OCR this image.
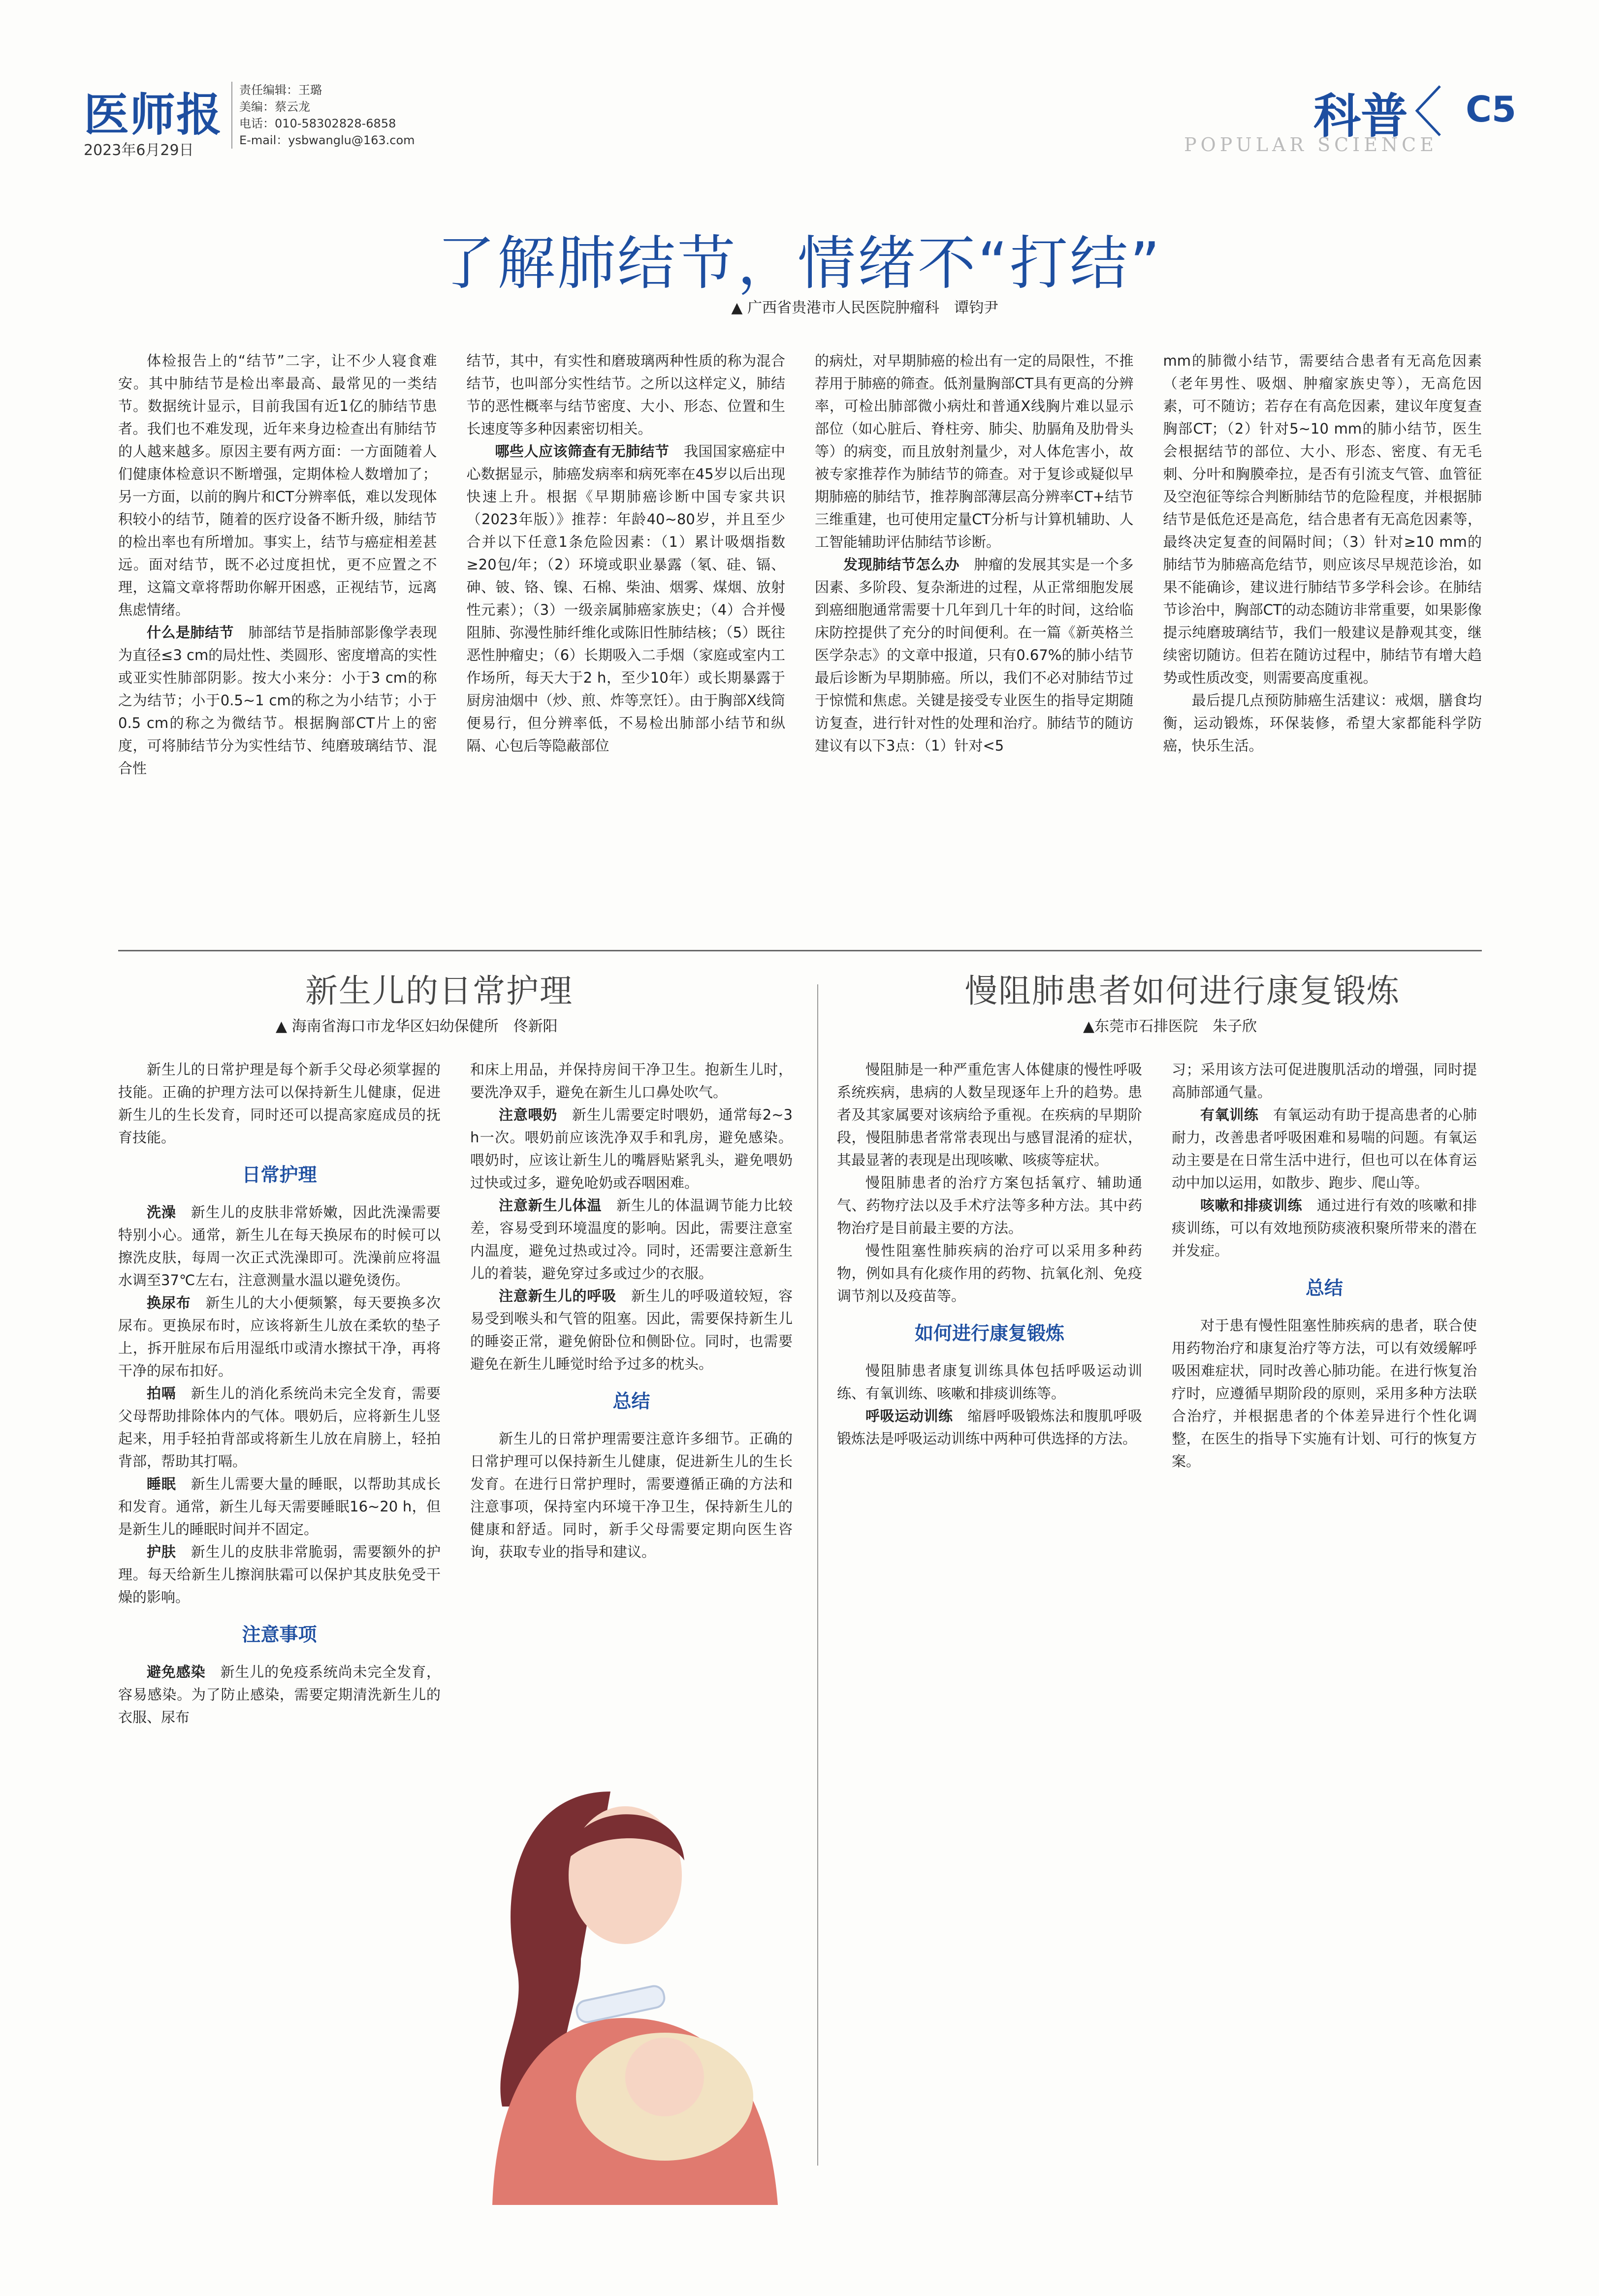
医师报
2023年6月29日
责任编辑：王璐
美编：蔡云龙
电话：010-58302828-6858
E-mail：ysbwanglu@163.com	科普
POPULAR SCIENCE
C5
了解肺结节，情绪不“打结”
▲ 广西省贵港市人民医院肿瘤科　谭钧尹

体检报告上的“结节”二字，让不少人寝食难安。其中肺结节是检出率最高、最常见的一类结节。数据统计显示，目前我国有近1亿的肺结节患者。我们也不难发现，近年来身边检查出有肺结节的人越来越多。原因主要有两方面：一方面随着人们健康体检意识不断增强，定期体检人数增加了；另一方面，以前的胸片和CT分辨率低，难以发现体积较小的结节，随着的医疗设备不断升级，肺结节的检出率也有所增加。事实上，结节与癌症相差甚远。面对结节，既不必过度担忧，更不应置之不理，这篇文章将帮助你解开困惑，正视结节，远离焦虑情绪。

什么是肺结节　 肺部结节是指肺部影像学表现为直径≤3 cm的局灶性、类圆形、密度增高的实性或亚实性肺部阴影。按大小来分：小于3 cm的称之为结节；小于0.5~1 cm的称之为小结节；小于0.5 cm的称之为微结节。根据胸部CT片上的密度，可将肺结节分为实性结节、纯磨玻璃结节、混合性

结节，其中，有实性和磨玻璃两种性质的称为混合结节，也叫部分实性结节。之所以这样定义，肺结节的恶性概率与结节密度、大小、形态、位置和生长速度等多种因素密切相关。

哪些人应该筛查有无肺结节　 我国国家癌症中心数据显示，肺癌发病率和病死率在45岁以后出现快速上升。根据《早期肺癌诊断中国专家共识（2023年版）》推荐：年龄40~80岁，并且至少合并以下任意1条危险因素：（1）累计吸烟指数≥20包/年；（2）环境或职业暴露（氡、硅、镉、砷、铍、铬、镍、石棉、柴油、烟雾、煤烟、放射性元素）；（3）一级亲属肺癌家族史；（4）合并慢阻肺、弥漫性肺纤维化或陈旧性肺结核；（5）既往恶性肿瘤史；（6）长期吸入二手烟（家庭或室内工作场所，每天大于2 h，至少10年）或长期暴露于厨房油烟中（炒、煎、炸等烹饪）。由于胸部X线筒便易行，但分辨率低，不易检出肺部小结节和纵隔、心包后等隐蔽部位

的病灶，对早期肺癌的检出有一定的局限性，不推荐用于肺癌的筛查。低剂量胸部CT具有更高的分辨率，可检出肺部微小病灶和普通X线胸片难以显示部位（如心脏后、脊柱旁、肺尖、肋膈角及肋骨头等）的病变，而且放射剂量少，对人体危害小，故被专家推荐作为肺结节的筛查。对于复诊或疑似早期肺癌的肺结节，推荐胸部薄层高分辨率CT+结节三维重建，也可使用定量CT分析与计算机辅助、人工智能辅助评估肺结节诊断。

发现肺结节怎么办　 肿瘤的发展其实是一个多因素、多阶段、复杂渐进的过程，从正常细胞发展到癌细胞通常需要十几年到几十年的时间，这给临床防控提供了充分的时间便利。在一篇《新英格兰医学杂志》的文章中报道，只有0.67%的肺小结节最后诊断为早期肺癌。所以，我们不必对肺结节过于惊慌和焦虑。关键是接受专业医生的指导定期随访复查，进行针对性的处理和治疗。肺结节的随访建议有以下3点：（1）针对<5

mm的肺微小结节，需要结合患者有无高危因素（老年男性、吸烟、肿瘤家族史等），无高危因素，可不随访；若存在有高危因素，建议年度复查胸部CT；（2）针对5~10 mm的肺小结节，医生会根据结节的部位、大小、形态、密度、有无毛刺、分叶和胸膜牵拉，是否有引流支气管、血管征及空泡征等综合判断肺结节的危险程度，并根据肺结节是低危还是高危，结合患者有无高危因素等，最终决定复查的间隔时间；（3）针对≥10 mm的肺结节为肺癌高危结节，则应该尽早规范诊治，如果不能确诊，建议进行肺结节多学科会诊。在肺结节诊治中，胸部CT的动态随访非常重要，如果影像提示纯磨玻璃结节，我们一般建议是静观其变，继续密切随访。但若在随访过程中，肺结节有增大趋势或性质改变，则需要高度重视。

最后提几点预防肺癌生活建议：戒烟，膳食均衡，运动锻炼，环保装修，希望大家都能科学防癌，快乐生活。

新生儿的日常护理
▲ 海南省海口市龙华区妇幼保健所　佟新阳

新生儿的日常护理是每个新手父母必须掌握的技能。正确的护理方法可以保持新生儿健康，促进新生儿的生长发育，同时还可以提高家庭成员的抚育技能。

日常护理

洗澡　 新生儿的皮肤非常娇嫩，因此洗澡需要特别小心。通常，新生儿在每天换尿布的时候可以擦洗皮肤，每周一次正式洗澡即可。洗澡前应将温水调至37℃左右，注意测量水温以避免烫伤。

换尿布　 新生儿的大小便频繁，每天要换多次尿布。更换尿布时，应该将新生儿放在柔软的垫子上，拆开脏尿布后用湿纸巾或清水擦拭干净，再将干净的尿布扣好。

拍嗝　 新生儿的消化系统尚未完全发育，需要父母帮助排除体内的气体。喂奶后，应将新生儿竖起来，用手轻拍背部或将新生儿放在肩膀上，轻拍背部，帮助其打嗝。

睡眠　 新生儿需要大量的睡眠，以帮助其成长和发育。通常，新生儿每天需要睡眠16~20 h，但是新生儿的睡眠时间并不固定。

护肤　 新生儿的皮肤非常脆弱，需要额外的护理。每天给新生儿擦润肤霜可以保护其皮肤免受干燥的影响。

注意事项

避免感染　 新生儿的免疫系统尚未完全发育，容易感染。为了防止感染，需要定期清洗新生儿的衣服、尿布

和床上用品，并保持房间干净卫生。抱新生儿时，要洗净双手，避免在新生儿口鼻处吹气。

注意喂奶　 新生儿需要定时喂奶，通常每2~3 h一次。喂奶前应该洗净双手和乳房，避免感染。喂奶时，应该让新生儿的嘴唇贴紧乳头，避免喂奶过快或过多，避免呛奶或吞咽困难。

注意新生儿体温　 新生儿的体温调节能力比较差，容易受到环境温度的影响。因此，需要注意室内温度，避免过热或过冷。同时，还需要注意新生儿的着装，避免穿过多或过少的衣服。

注意新生儿的呼吸　 新生儿的呼吸道较短，容易受到喉头和气管的阻塞。因此，需要保持新生儿的睡姿正常，避免俯卧位和侧卧位。同时，也需要避免在新生儿睡觉时给予过多的枕头。

总结

新生儿的日常护理需要注意许多细节。正确的日常护理可以保持新生儿健康，促进新生儿的生长发育。在进行日常护理时，需要遵循正确的方法和注意事项，保持室内环境干净卫生，保持新生儿的健康和舒适。同时，新手父母需要定期向医生咨询，获取专业的指导和建议。

慢阻肺患者如何进行康复锻炼
▲东莞市石排医院　朱子欣

慢阻肺是一种严重危害人体健康的慢性呼吸系统疾病，患病的人数呈现逐年上升的趋势。患者及其家属要对该病给予重视。在疾病的早期阶段，慢阻肺患者常常表现出与感冒混淆的症状，其最显著的表现是出现咳嗽、咳痰等症状。

慢阻肺患者的治疗方案包括氧疗、辅助通气、药物疗法以及手术疗法等多种方法。其中药物治疗是目前最主要的方法。

慢性阻塞性肺疾病的治疗可以采用多种药物，例如具有化痰作用的药物、抗氧化剂、免疫调节剂以及疫苗等。

如何进行康复锻炼

慢阻肺患者康复训练具体包括呼吸运动训练、有氧训练、咳嗽和排痰训练等。

呼吸运动训练　 缩唇呼吸锻炼法和腹肌呼吸锻炼法是呼吸运动训练中两种可供选择的方法。

习；采用该方法可促进腹肌活动的增强，同时提高肺部通气量。

有氧训练　 有氧运动有助于提高患者的心肺耐力，改善患者呼吸困难和易喘的问题。有氧运动主要是在日常生活中进行，但也可以在体育运动中加以运用，如散步、跑步、爬山等。

咳嗽和排痰训练　 通过进行有效的咳嗽和排痰训练，可以有效地预防痰液积聚所带来的潜在并发症。

总结

对于患有慢性阻塞性肺疾病的患者，联合使用药物治疗和康复治疗等方法，可以有效缓解呼吸困难症状，同时改善心肺功能。在进行恢复治疗时，应遵循早期阶段的原则，采用多种方法联合治疗，并根据患者的个体差异进行个性化调整，在医生的指导下实施有计划、可行的恢复方案。
